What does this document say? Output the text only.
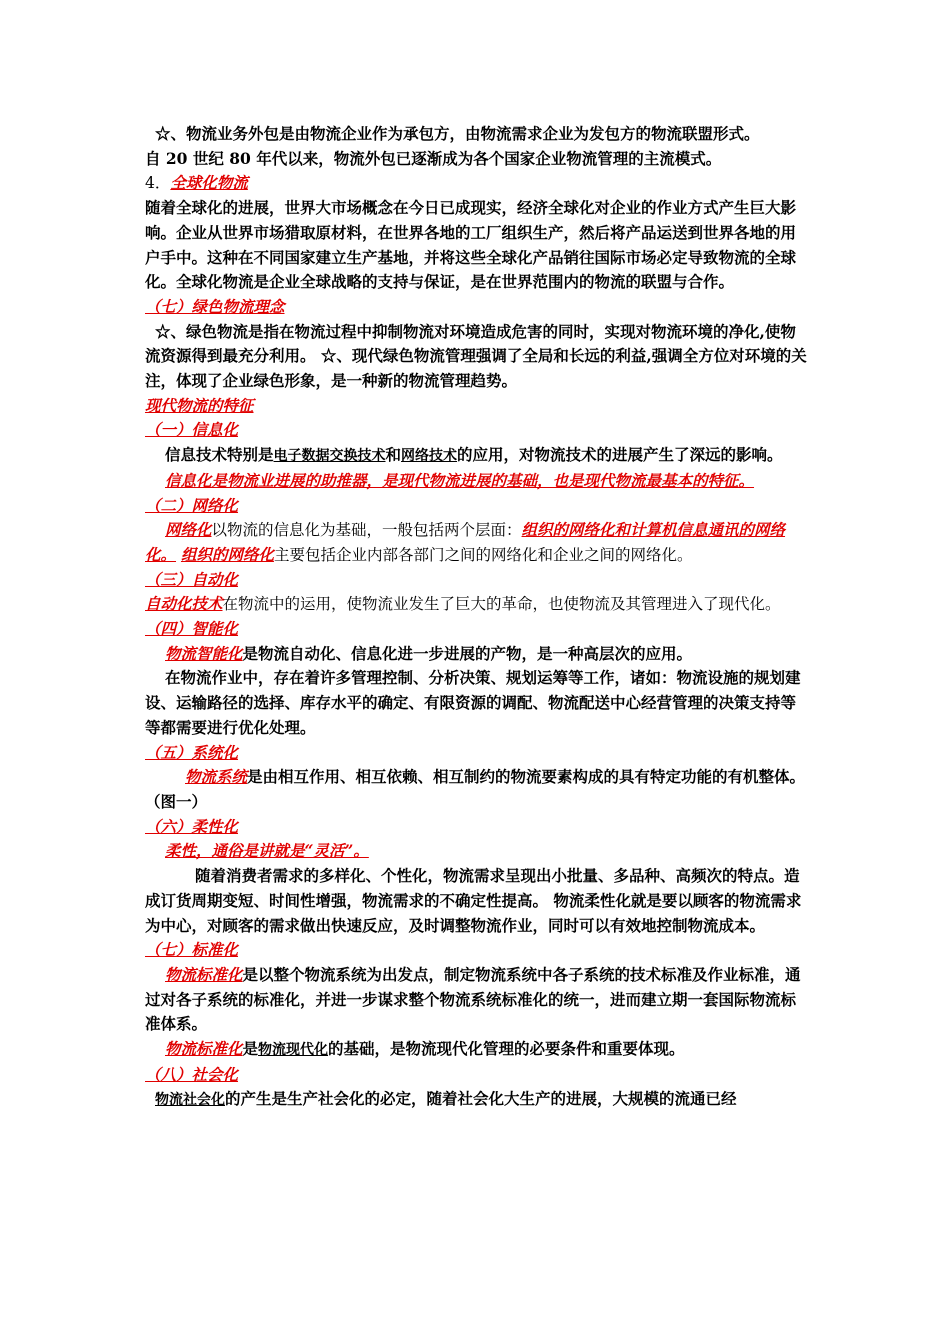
☆、物流业务外包是由物流企业作为承包方，由物流需求企业为发包方的物流联盟形式。

自 20 世纪 80 年代以来，物流外包已逐渐成为各个国家企业物流管理的主流模式。

4．全球化物流

随着全球化的进展，世界大市场概念在今日已成现实，经济全球化对企业的作业方式产生巨大影响。企业从世界市场猎取原材料，在世界各地的工厂组织生产，然后将产品运送到世界各地的用户手中。这种在不同国家建立生产基地，并将这些全球化产品销往国际市场必定导致物流的全球化。全球化物流是企业全球战略的支持与保证，是在世界范围内的物流的联盟与合作。

（七）绿色物流理念

☆、绿色物流是指在物流过程中抑制物流对环境造成危害的同时，实现对物流环境的净化,使物流资源得到最充分利用。 ☆、现代绿色物流管理强调了全局和长远的利益,强调全方位对环境的关注，体现了企业绿色形象，是一种新的物流管理趋势。

现代物流的特征

（一）信息化

信息技术特别是电子数据交换技术和网络技术的应用，对物流技术的进展产生了深远的影响。

信息化是物流业进展的助推器，是现代物流进展的基础，也是现代物流最基本的特征。

（二）网络化

网络化以物流的信息化为基础，一般包括两个层面：组织的网络化和计算机信息通讯的网络化。 组织的网络化主要包括企业内部各部门之间的网络化和企业之间的网络化。

（三）自动化

自动化技术在物流中的运用，使物流业发生了巨大的革命，也使物流及其管理进入了现代化。

（四）智能化

物流智能化是物流自动化、信息化进一步进展的产物，是一种高层次的应用。

在物流作业中，存在着许多管理控制、分析决策、规划运筹等工作，诸如：物流设施的规划建设、运输路径的选择、库存水平的确定、有限资源的调配、物流配送中心经营管理的决策支持等等都需要进行优化处理。

（五）系统化

物流系统是由相互作用、相互依赖、相互制约的物流要素构成的具有特定功能的有机整体。（图一）

（六）柔性化

柔性，通俗是讲就是“灵活”。

随着消费者需求的多样化、个性化，物流需求呈现出小批量、多品种、高频次的特点。造成订货周期变短、时间性增强，物流需求的不确定性提高。 物流柔性化就是要以顾客的物流需求为中心，对顾客的需求做出快速反应，及时调整物流作业，同时可以有效地控制物流成本。

（七）标准化

物流标准化是以整个物流系统为出发点，制定物流系统中各子系统的技术标准及作业标准，通过对各子系统的标准化，并进一步谋求整个物流系统标准化的统一，进而建立期一套国际物流标准体系。

物流标准化是物流现代化的基础，是物流现代化管理的必要条件和重要体现。

（八）社会化

物流社会化的产生是生产社会化的必定，随着社会化大生产的进展，大规模的流通已经
